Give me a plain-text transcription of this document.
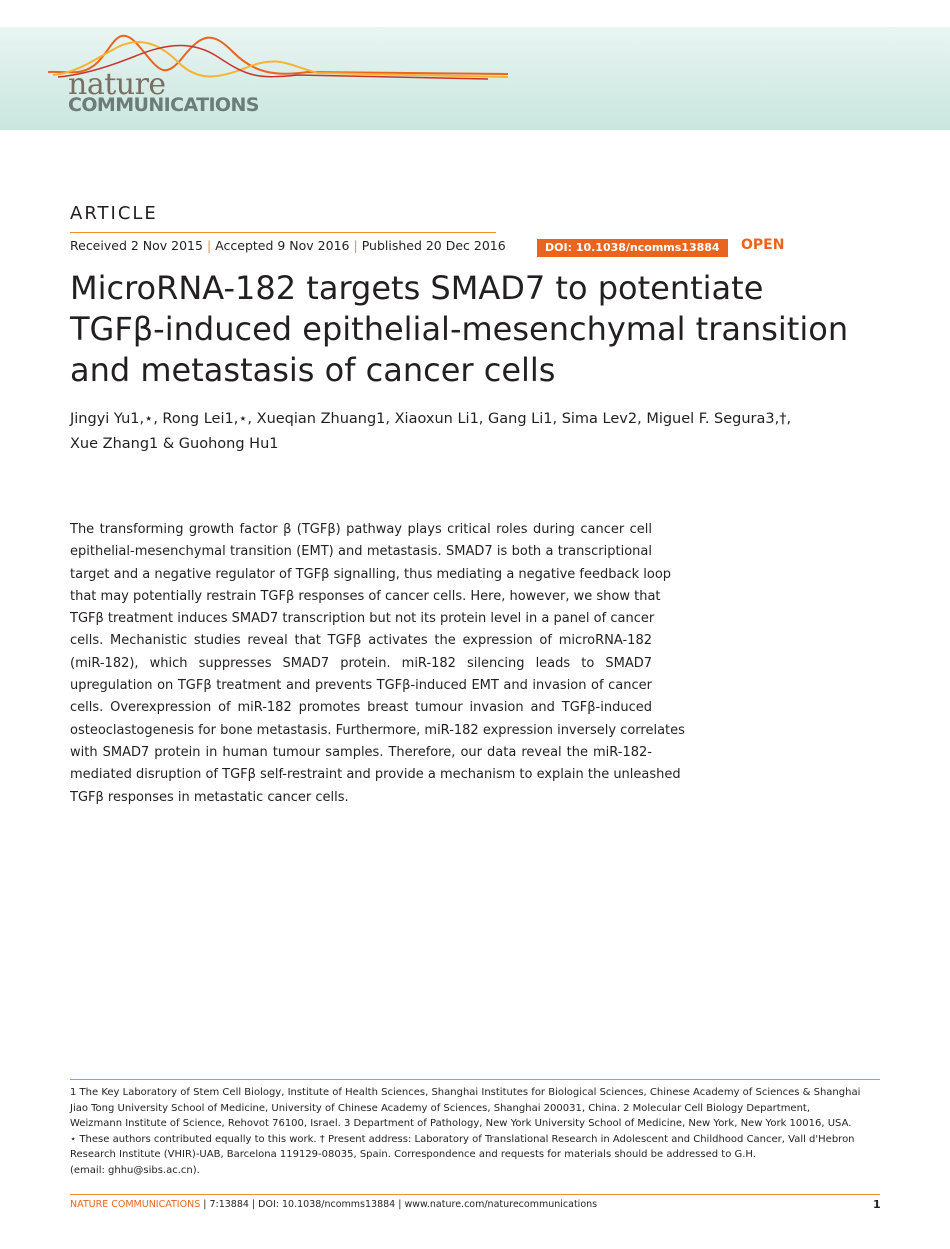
nature
COMMUNICATIONS
ARTICLE
Received 2 Nov 2015 | Accepted 9 Nov 2016 | Published 20 Dec 2016	DOI: 10.1038/ncomms13884	OPEN
MicroRNA-182 targets SMAD7 to potentiate
TGFβ-induced epithelial-mesenchymal transition
and metastasis of cancer cells
Jingyi Yu1,⋆, Rong Lei1,⋆, Xueqian Zhuang1, Xiaoxun Li1, Gang Li1, Sima Lev2, Miguel F. Segura3,†,
Xue Zhang1 & Guohong Hu1
The transforming growth factor β (TGFβ) pathway plays critical roles during cancer cell
epithelial-mesenchymal transition (EMT) and metastasis. SMAD7 is both a transcriptional
target and a negative regulator of TGFβ signalling, thus mediating a negative feedback loop
that may potentially restrain TGFβ responses of cancer cells. Here, however, we show that
TGFβ treatment induces SMAD7 transcription but not its protein level in a panel of cancer
cells. Mechanistic studies reveal that TGFβ activates the expression of microRNA-182
(miR-182), which suppresses SMAD7 protein. miR-182 silencing leads to SMAD7
upregulation on TGFβ treatment and prevents TGFβ-induced EMT and invasion of cancer
cells. Overexpression of miR-182 promotes breast tumour invasion and TGFβ-induced
osteoclastogenesis for bone metastasis. Furthermore, miR-182 expression inversely correlates
with SMAD7 protein in human tumour samples. Therefore, our data reveal the miR-182-
mediated disruption of TGFβ self-restraint and provide a mechanism to explain the unleashed
TGFβ responses in metastatic cancer cells.
1 The Key Laboratory of Stem Cell Biology, Institute of Health Sciences, Shanghai Institutes for Biological Sciences, Chinese Academy of Sciences & Shanghai
Jiao Tong University School of Medicine, University of Chinese Academy of Sciences, Shanghai 200031, China. 2 Molecular Cell Biology Department,
Weizmann Institute of Science, Rehovot 76100, Israel. 3 Department of Pathology, New York University School of Medicine, New York, New York 10016, USA.
⋆ These authors contributed equally to this work. † Present address: Laboratory of Translational Research in Adolescent and Childhood Cancer, Vall d'Hebron
Research Institute (VHIR)-UAB, Barcelona 119129-08035, Spain. Correspondence and requests for materials should be addressed to G.H.
(email: ghhu@sibs.ac.cn).
NATURE COMMUNICATIONS | 7:13884 | DOI: 10.1038/ncomms13884 | www.nature.com/naturecommunications	1
